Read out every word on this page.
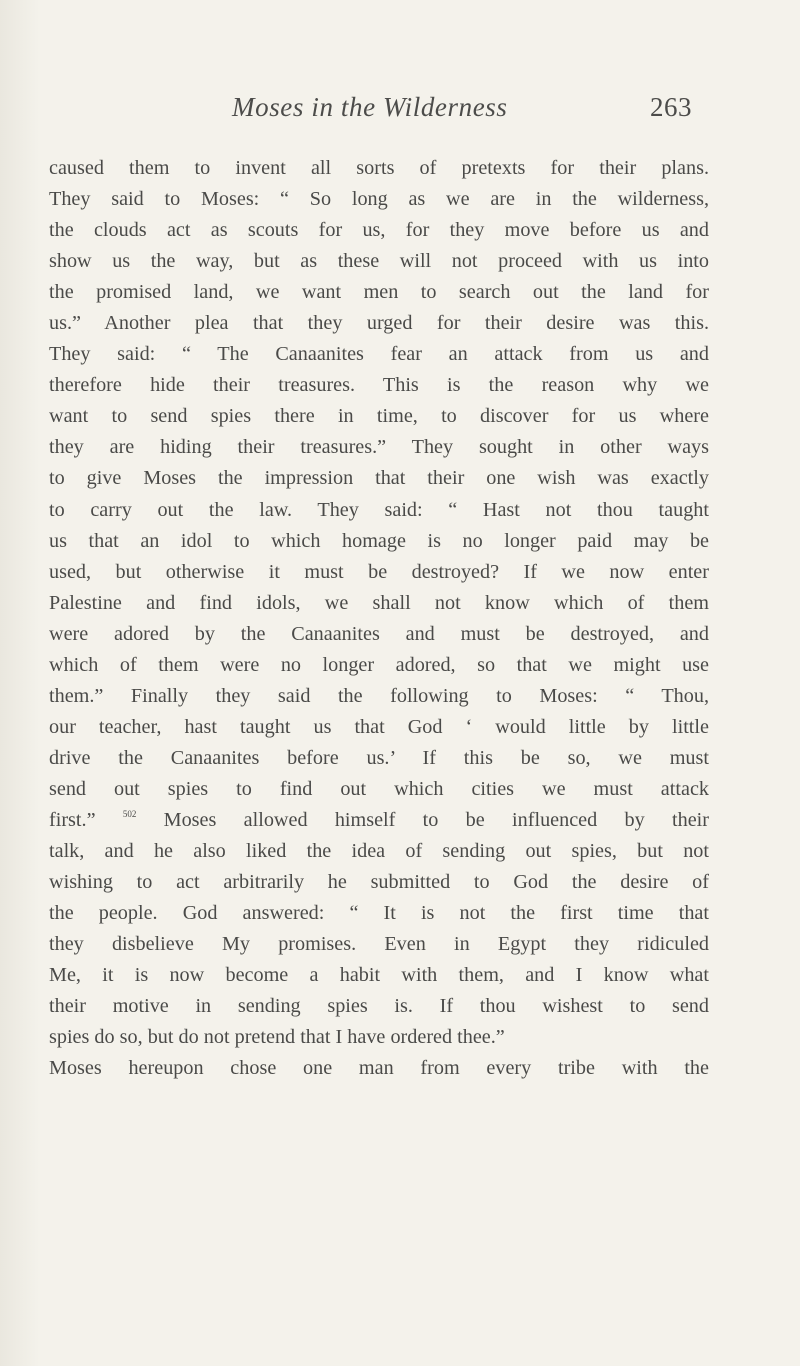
Moses in the Wilderness	263
caused them to invent all sorts of pretexts for their plans.
They said to Moses: “ So long as we are in the wilderness,
the clouds act as scouts for us, for they move before us and
show us the way, but as these will not proceed with us into
the promised land, we want men to search out the land for
us.” Another plea that they urged for their desire was this.
They said: “ The Canaanites fear an attack from us and
therefore hide their treasures. This is the reason why we
want to send spies there in time, to discover for us where
they are hiding their treasures.” They sought in other ways
to give Moses the impression that their one wish was exactly
to carry out the law. They said: “ Hast not thou taught
us that an idol to which homage is no longer paid may be
used, but otherwise it must be destroyed? If we now enter
Palestine and find idols, we shall not know which of them
were adored by the Canaanites and must be destroyed, and
which of them were no longer adored, so that we might use
them.” Finally they said the following to Moses: “ Thou,
our teacher, hast taught us that God ‘ would little by little
drive the Canaanites before us.’ If this be so, we must
send out spies to find out which cities we must attack
first.”	$^{502}$ Moses allowed himself to be influenced by their
talk, and he also liked the idea of sending out spies, but not
wishing to act arbitrarily he submitted to God the desire of
the people. God answered: “ It is not the first time that
they disbelieve My promises. Even in Egypt they ridiculed
Me, it is now become a habit with them, and I know what
their motive in sending spies is. If thou wishest to send
spies do so, but do not pretend that I have ordered thee.”
Moses hereupon chose one man from every tribe with the
